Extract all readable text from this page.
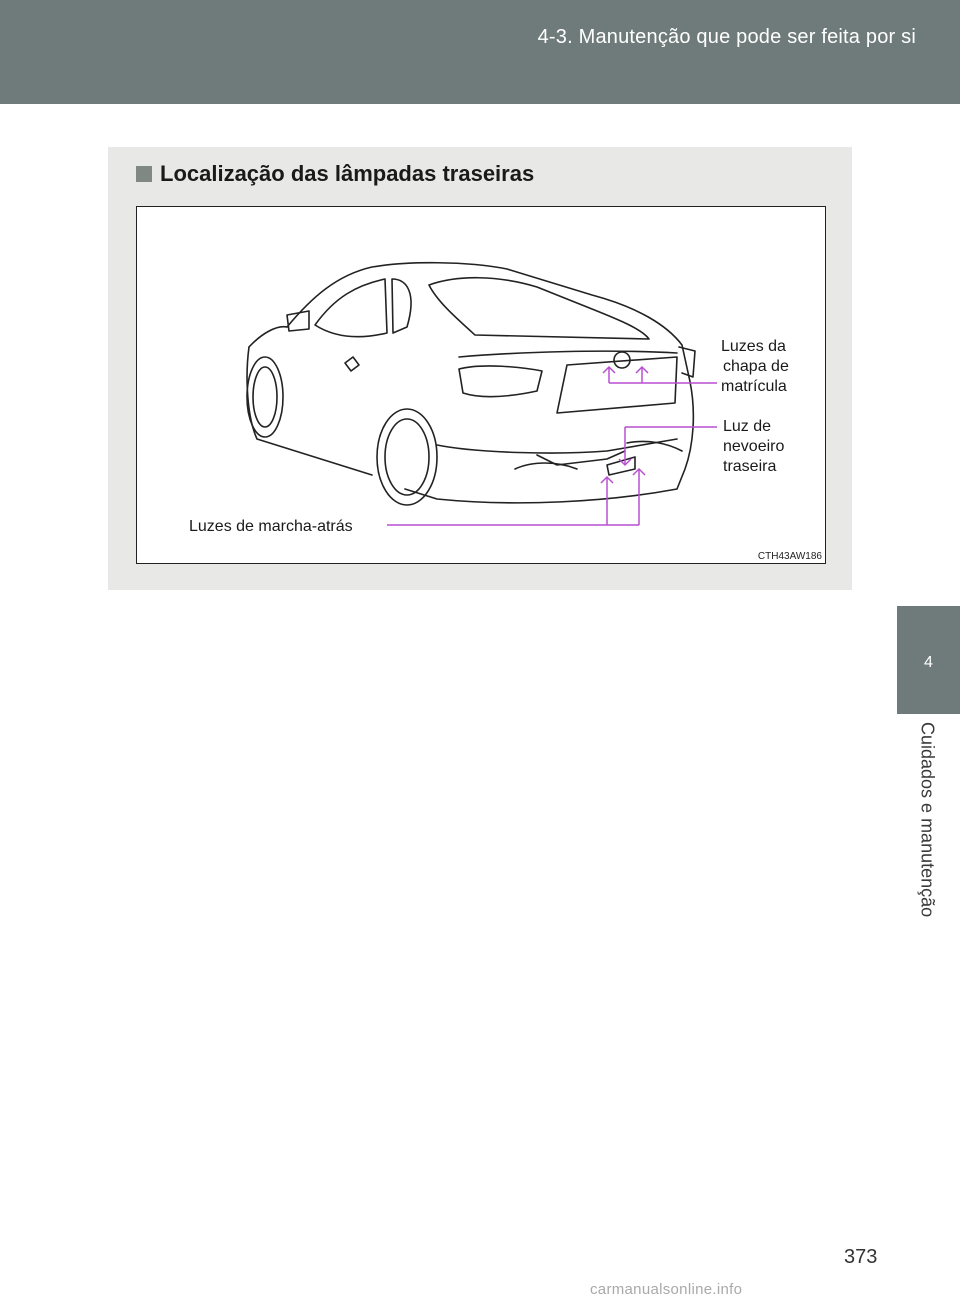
4-3. Manutenção que pode ser feita por si
4
Cuidados e manutenção
Localização das lâmpadas traseiras
Luzes da
chapa de
matrícula
Luz de
nevoeiro
traseira
Luzes de marcha-atrás
CTH43AW186
373
carmanualsonline.info
